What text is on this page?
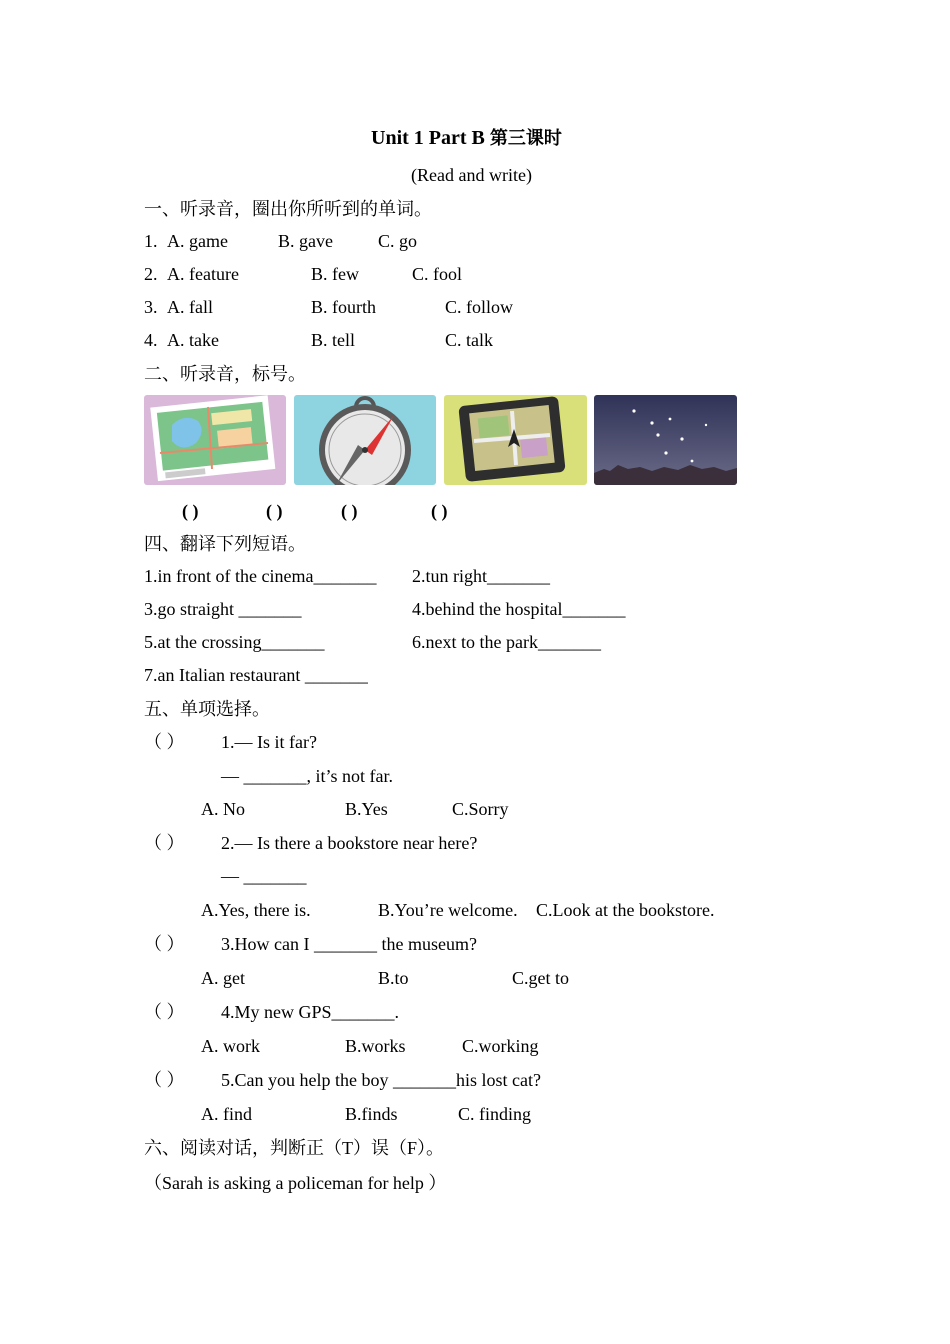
Unit 1 Part B 第三课时
(Read and write)
一、听录音，圈出你所听到的单词。
1. A. game	B. gave	C. go
2. A. feature	B. few	C. fool
3. A. fall	B. fourth	C. follow
4. A. take	B. tell	C. talk
二、听录音，标号。
( )	( )	( )	( )
四、翻译下列短语。
1.in front of the cinema_______ 2.tun right_______
3.go straight _______	4.behind the hospital_______
5.at the crossing_______	6.next to the park_______
7.an Italian restaurant _______
五、单项选择。
（ ） 1.— Is it far?
— _______, it’s not far.
A. No	B.Yes	C.Sorry
（ ） 2.— Is there a bookstore near here?
— _______
A.Yes, there is.	B.You’re welcome. C.Look at the bookstore.
（ ） 3.How can I _______ the museum?
A. get	B.to	C.get to
（ ） 4.My new GPS_______.
A. work	B.works	C.working
（ ） 5.Can you help the boy _______his lost cat?
A. find	B.finds	C. finding
六、阅读对话，判断正（T）误（F）。
（Sarah is asking a policeman for help ）
